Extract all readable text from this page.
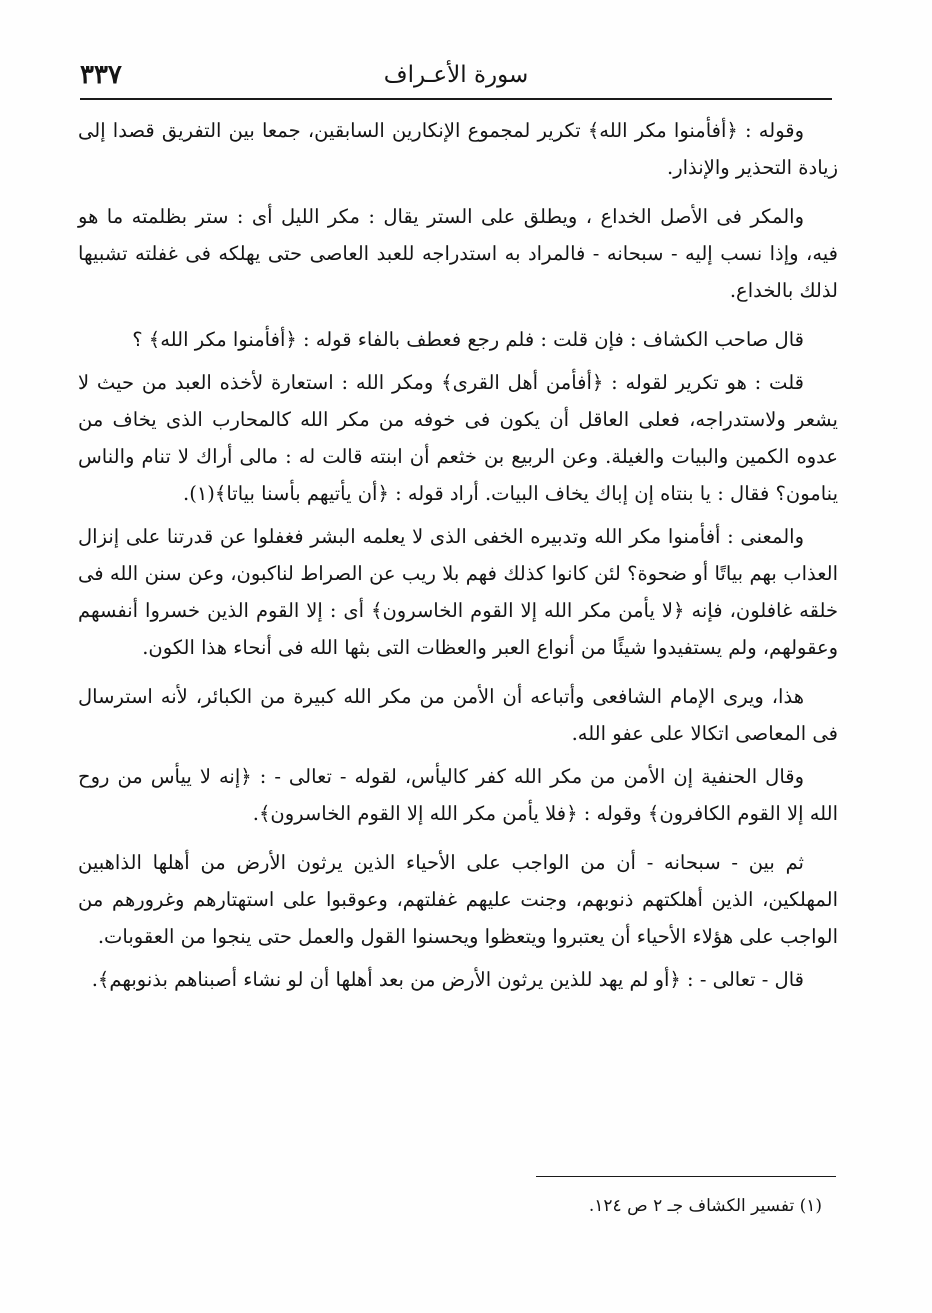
سورة الأعـراف
٣٣٧

وقوله : ﴿أفأمنوا مكر الله﴾ تكرير لمجموع الإنكارين السابقين، جمعا بين التفريق قصدا إلى زيادة التحذير والإنذار.

والمكر فى الأصل الخداع ، ويطلق على الستر يقال : مكر الليل أى : ستر بظلمته ما هو فيه، وإذا نسب إليه - سبحانه - فالمراد به استدراجه للعبد العاصى حتى يهلكه فى غفلته تشبيها لذلك بالخداع.

قال صاحب الكشاف : فإن قلت : فلم رجع فعطف بالفاء قوله : ﴿أفأمنوا مكر الله﴾ ؟

قلت : هو تكرير لقوله : ﴿أفأمن أهل القرى﴾ ومكر الله : استعارة لأخذه العبد من حيث لا يشعر ولاستدراجه، فعلى العاقل أن يكون فى خوفه من مكر الله كالمحارب الذى يخاف من عدوه الكمين والبيات والغيلة. وعن الربيع بن خثعم أن ابنته قالت له : مالى أراك لا تنام والناس ينامون؟ فقال : يا بنتاه إن إباك يخاف البيات. أراد قوله : ﴿أن يأتيهم بأسنا بياتا﴾(١).

والمعنى : أفأمنوا مكر الله وتدبيره الخفى الذى لا يعلمه البشر فغفلوا عن قدرتنا على إنزال العذاب بهم بياتًا أو ضحوة؟ لئن كانوا كذلك فهم بلا ريب عن الصراط لناكبون، وعن سنن الله فى خلقه غافلون، فإنه ﴿لا يأمن مكر الله إلا القوم الخاسرون﴾ أى : إلا القوم الذين خسروا أنفسهم وعقولهم، ولم يستفيدوا شيئًا من أنواع العبر والعظات التى بثها الله فى أنحاء هذا الكون.

هذا، ويرى الإمام الشافعى وأتباعه أن الأمن من مكر الله كبيرة من الكبائر، لأنه استرسال فى المعاصى اتكالا على عفو الله.

وقال الحنفية إن الأمن من مكر الله كفر كاليأس، لقوله - تعالى - : ﴿إنه لا ييأس من روح الله إلا القوم الكافرون﴾ وقوله : ﴿فلا يأمن مكر الله إلا القوم الخاسرون﴾.

ثم بين - سبحانه - أن من الواجب على الأحياء الذين يرثون الأرض من أهلها الذاهبين المهلكين، الذين أهلكتهم ذنوبهم، وجنت عليهم غفلتهم، وعوقبوا على استهتارهم وغرورهم من الواجب على هؤلاء الأحياء أن يعتبروا ويتعظوا ويحسنوا القول والعمل حتى ينجوا من العقوبات.

قال - تعالى - : ﴿أو لم يهد للذين يرثون الأرض من بعد أهلها أن لو نشاء أصبناهم بذنوبهم﴾.

(١) تفسير الكشاف جـ ٢ ص ١٢٤.
